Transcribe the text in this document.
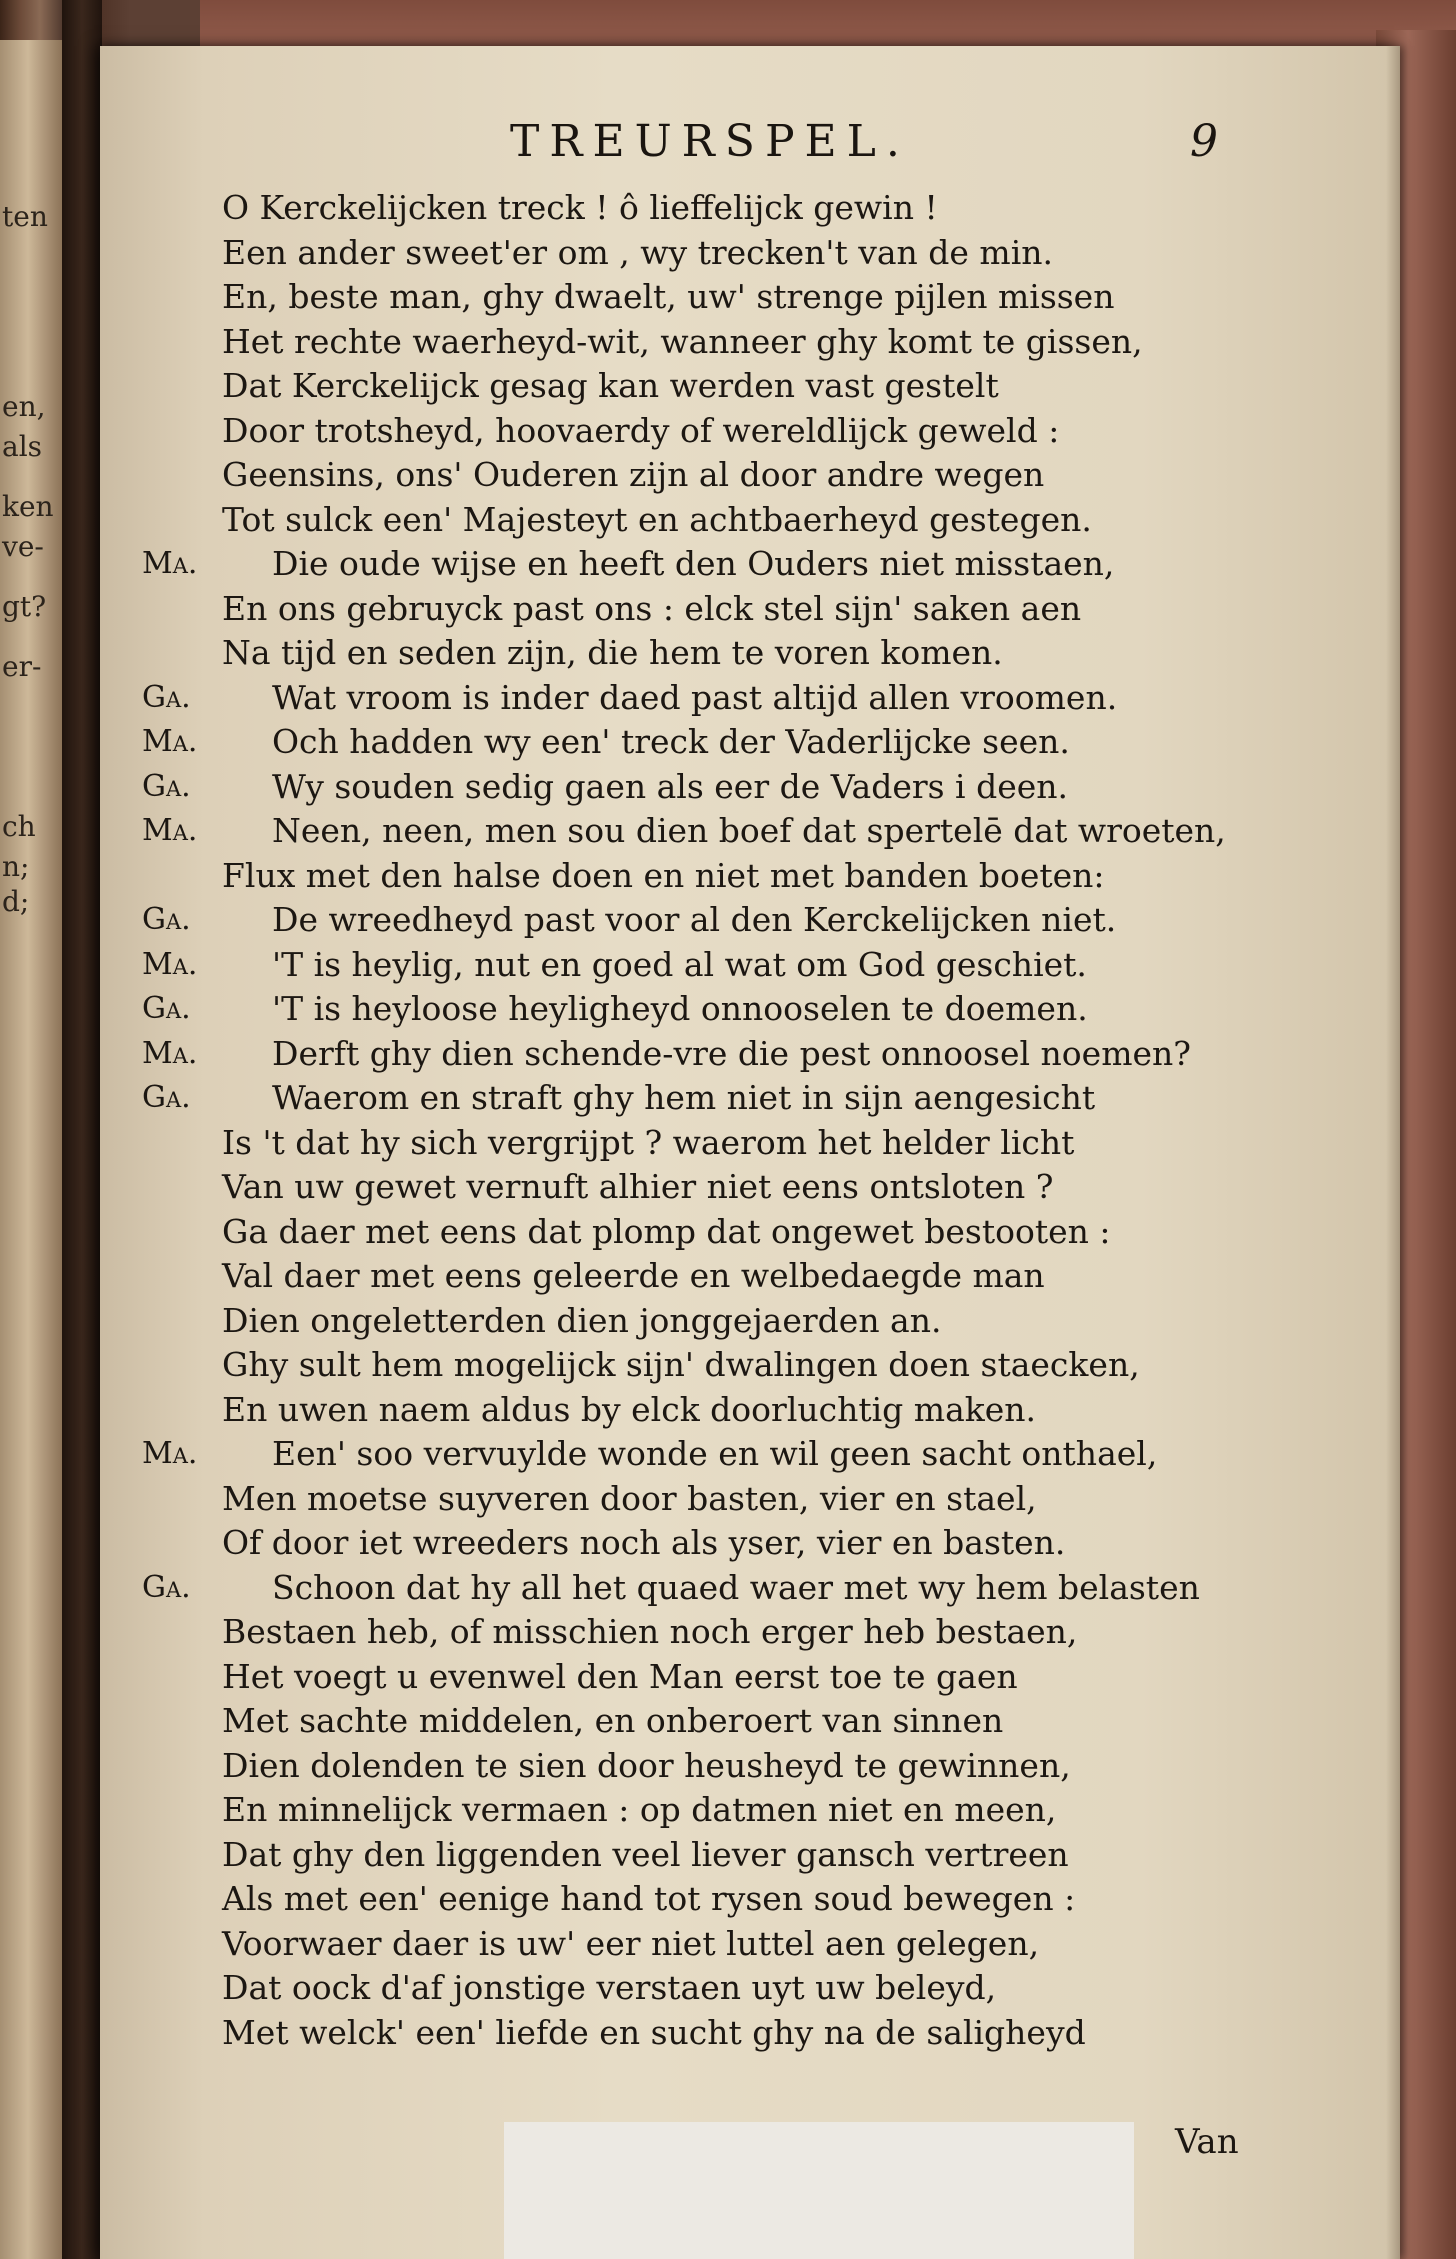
ten
en,
als
ken
ve-
gt?
er-
ch
n;
d;
TREURSPEL.	9
O Kerckelijcken treck ! ô lieffelijck gewin !
Een ander sweet'er om , wy trecken't van de min.
En, beste man, ghy dwaelt, uw' strenge pijlen missen
Het rechte waerheyd-wit, wanneer ghy komt te gissen,
Dat Kerckelijck gesag kan werden vast gestelt
Door trotsheyd, hoovaerdy of wereldlijck geweld :
Geensins, ons' Ouderen zijn al door andre wegen
Tot sulck een' Majesteyt en achtbaerheyd gestegen.
Ma. Die oude wijse en heeft den Ouders niet misstaen,
En ons gebruyck past ons : elck stel sijn' saken aen
Na tijd en seden zijn, die hem te voren komen.
Ga. Wat vroom is inder daed past altijd allen vroomen.
Ma. Och hadden wy een' treck der Vaderlijcke seen.
Ga. Wy souden sedig gaen als eer de Vaders i deen.
Ma. Neen, neen, men sou dien boef dat spertelē dat wroeten,
Flux met den halse doen en niet met banden boeten:
Ga. De wreedheyd past voor al den Kerckelijcken niet.
Ma. 'T is heylig, nut en goed al wat om God geschiet.
Ga. 'T is heyloose heyligheyd onnooselen te doemen.
Ma. Derft ghy dien schende-vre die pest onnoosel noemen?
Ga. Waerom en straft ghy hem niet in sijn aengesicht
Is 't dat hy sich vergrijpt ? waerom het helder licht
Van uw gewet vernuft alhier niet eens ontsloten ?
Ga daer met eens dat plomp dat ongewet bestooten :
Val daer met eens geleerde en welbedaegde man
Dien ongeletterden dien jonggejaerden an.
Ghy sult hem mogelijck sijn' dwalingen doen staecken,
En uwen naem aldus by elck doorluchtig maken.
Ma. Een' soo vervuylde wonde en wil geen sacht onthael,
Men moetse suyveren door basten, vier en stael,
Of door iet wreeders noch als yser, vier en basten.
Ga. Schoon dat hy all het quaed waer met wy hem belasten
Bestaen heb, of misschien noch erger heb bestaen,
Het voegt u evenwel den Man eerst toe te gaen
Met sachte middelen, en onberoert van sinnen
Dien dolenden te sien door heusheyd te gewinnen,
En minnelijck vermaen : op datmen niet en meen,
Dat ghy den liggenden veel liever gansch vertreen
Als met een' eenige hand tot rysen soud bewegen :
Voorwaer daer is uw' eer niet luttel aen gelegen,
Dat oock d'af jonstige verstaen uyt uw beleyd,
Met welck' een' liefde en sucht ghy na de saligheyd
Van
